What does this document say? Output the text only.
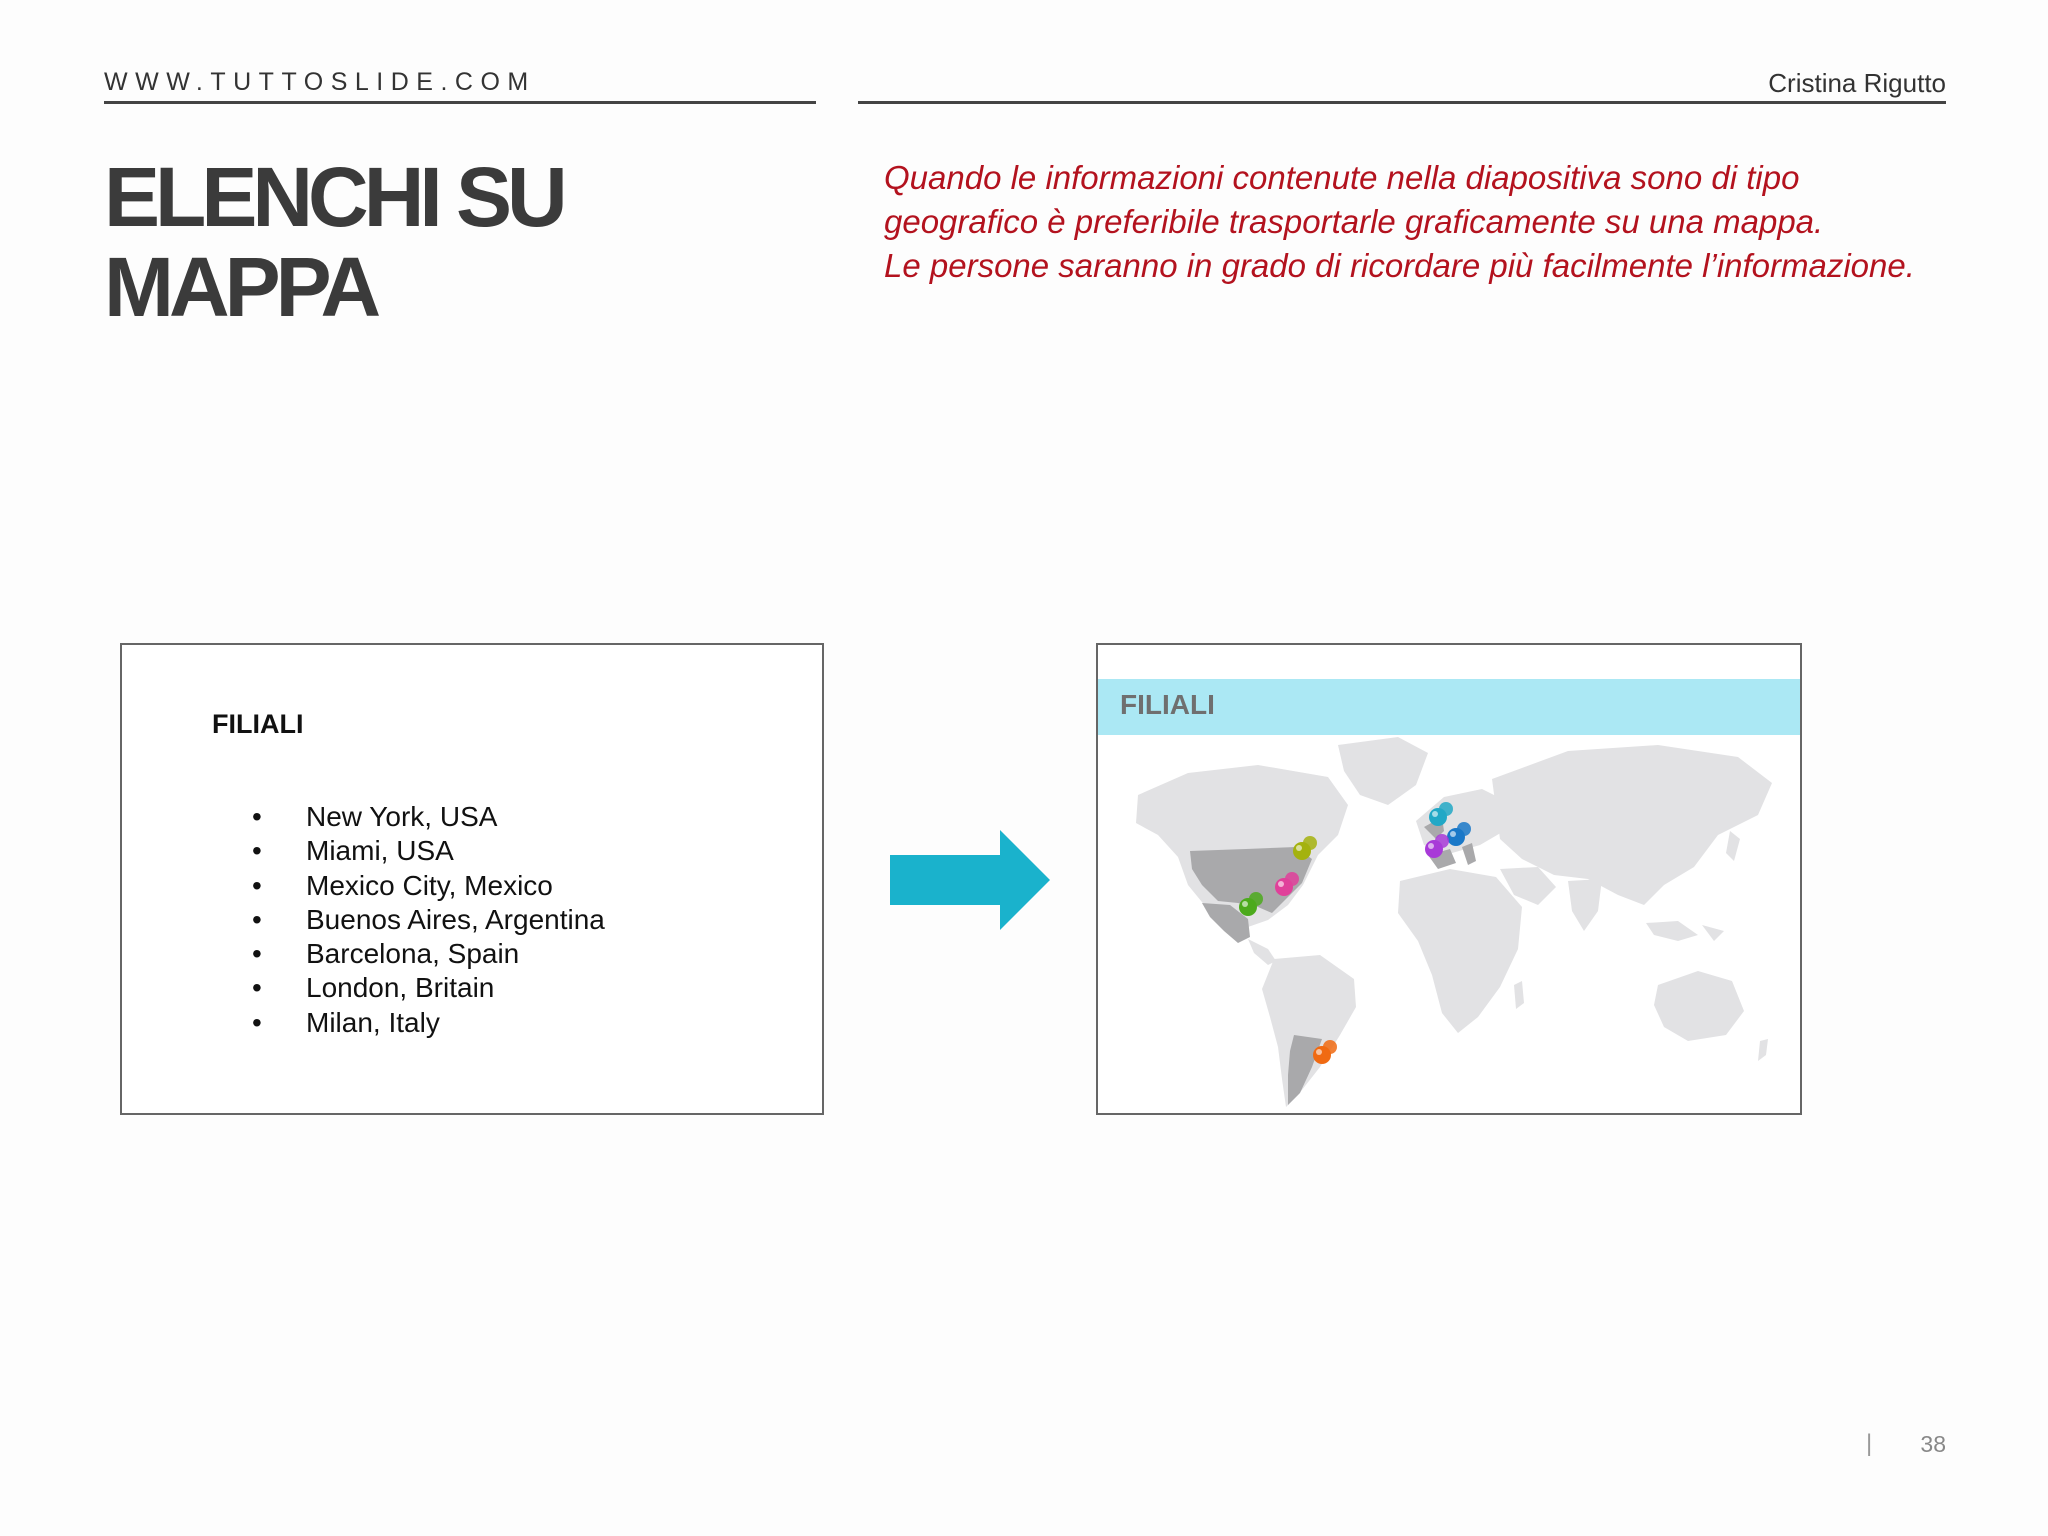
WWW.TUTTOSLIDE.COM	Cristina Rigutto
ELENCHI SU
MAPPA
Quando le informazioni contenute nella diapositiva sono di tipo
geografico è preferibile trasportarle graficamente su una mappa.
Le persone saranno in grado di ricordare più facilmente l’informazione.
FILIALI
• New York, USA
• Miami, USA
• Mexico City, Mexico
• Buenos Aires, Argentina
• Barcelona, Spain
• London, Britain
• Milan, Italy
FILIALI
| 38
